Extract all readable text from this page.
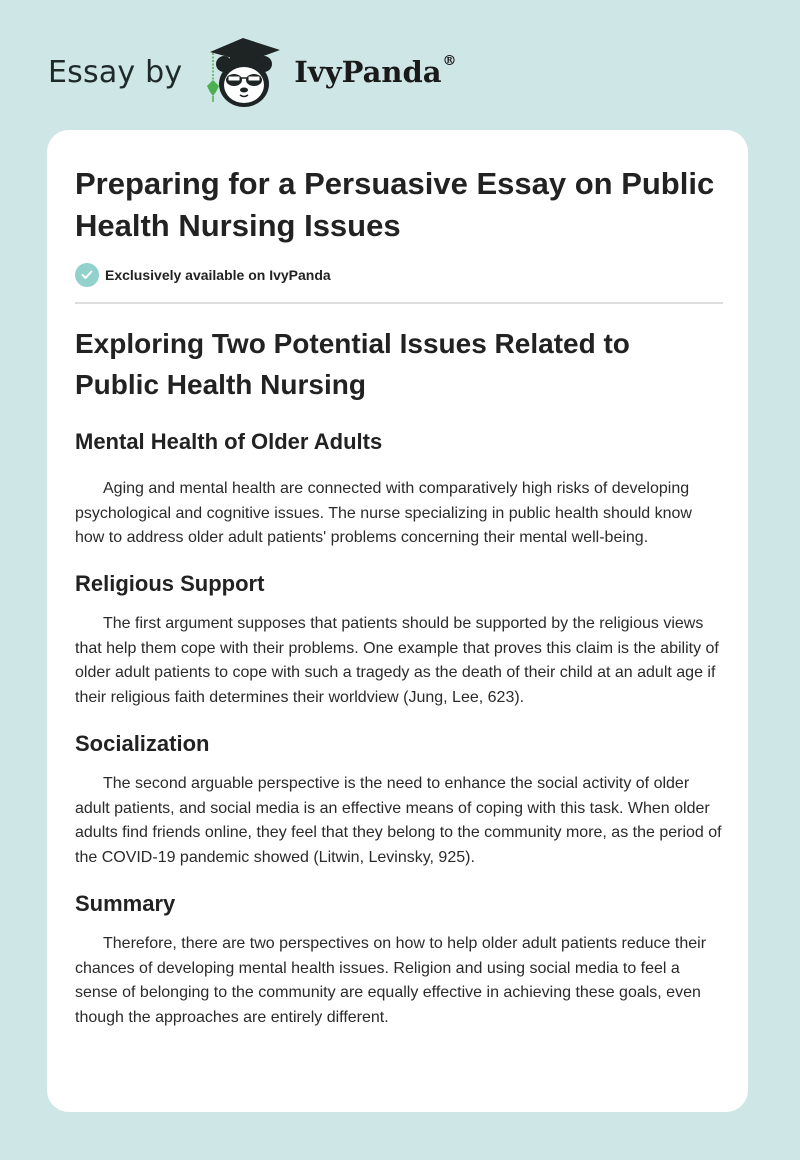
Essay by	IvyPanda®
Preparing for a Persuasive Essay on Public Health Nursing Issues
Exclusively available on IvyPanda
Exploring Two Potential Issues Related to Public Health Nursing
Mental Health of Older Adults

Aging and mental health are connected with comparatively high risks of developing psychological and cognitive issues. The nurse specializing in public health should know how to address older adult patients' problems concerning their mental well-being.

Religious Support

The first argument supposes that patients should be supported by the religious views that help them cope with their problems. One example that proves this claim is the ability of older adult patients to cope with such a tragedy as the death of their child at an adult age if their religious faith determines their worldview (Jung, Lee, 623).

Socialization

The second arguable perspective is the need to enhance the social activity of older adult patients, and social media is an effective means of coping with this task. When older adults find friends online, they feel that they belong to the community more, as the period of the COVID-19 pandemic showed (Litwin, Levinsky, 925).

Summary

Therefore, there are two perspectives on how to help older adult patients reduce their chances of developing mental health issues. Religion and using social media to feel a sense of belonging to the community are equally effective in achieving these goals, even though the approaches are entirely different.
